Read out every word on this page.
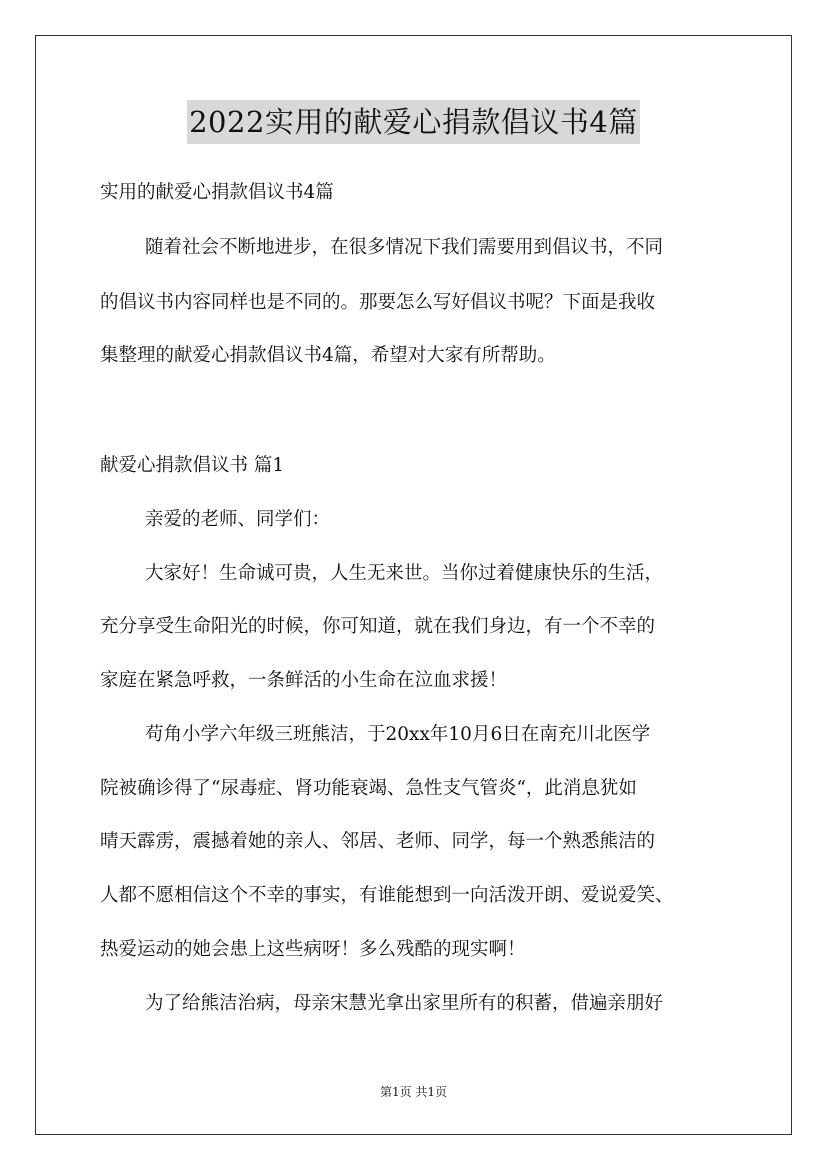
2022实用的献爱心捐款倡议书4篇
实用的献爱心捐款倡议书4篇
随着社会不断地进步，在很多情况下我们需要用到倡议书，不同
的倡议书内容同样也是不同的。那要怎么写好倡议书呢？下面是我收
集整理的献爱心捐款倡议书4篇，希望对大家有所帮助。
献爱心捐款倡议书 篇1
亲爱的老师、同学们：
大家好！生命诚可贵，人生无来世。当你过着健康快乐的生活，
充分享受生命阳光的时候，你可知道，就在我们身边，有一个不幸的
家庭在紧急呼救，一条鲜活的小生命在泣血求援！
苟角小学六年级三班熊洁，于20xx年10月6日在南充川北医学
院被确诊得了“尿毒症、肾功能衰竭、急性支气管炎“，此消息犹如
晴天霹雳，震撼着她的亲人、邻居、老师、同学，每一个熟悉熊洁的
人都不愿相信这个不幸的事实，有谁能想到一向活泼开朗、爱说爱笑、
热爱运动的她会患上这些病呀！多么残酷的现实啊！
为了给熊洁治病，母亲宋慧光拿出家里所有的积蓄，借遍亲朋好
第1页 共1页
